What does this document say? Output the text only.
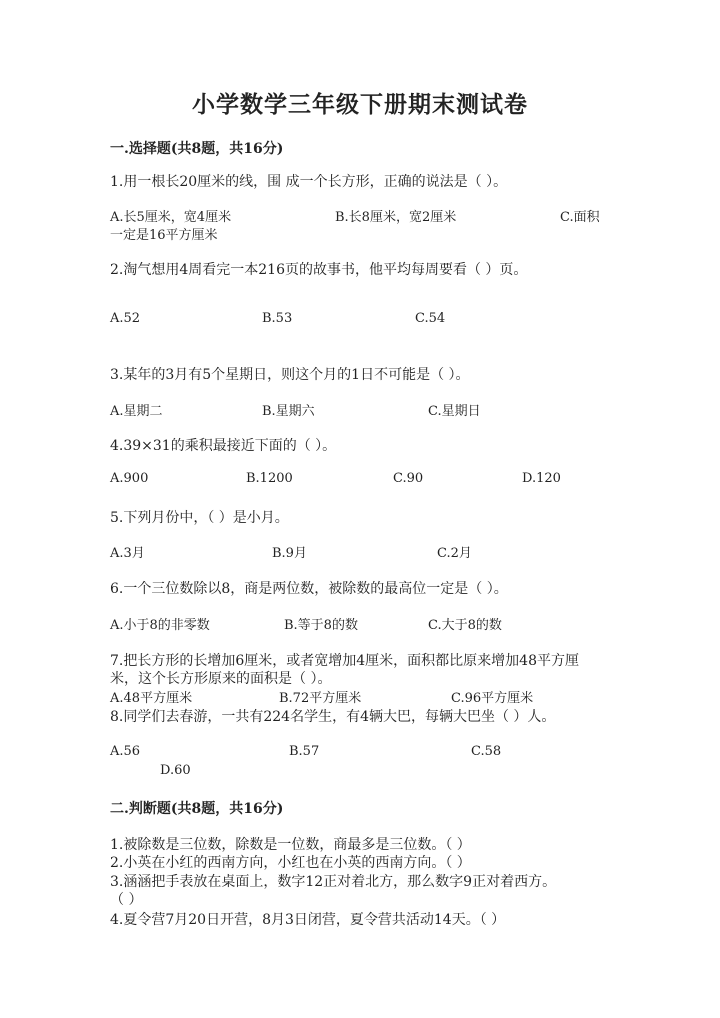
小学数学三年级下册期末测试卷
一.选择题(共8题，共16分)
1.用一根长20厘米的线，围 成一个长方形，正确的说法是（ ）。
A.长5厘米，宽4厘米	B.长8厘米，宽2厘米	C.面积
一定是16平方厘米
2.淘气想用4周看完一本216页的故事书，他平均每周要看（ ）页。
A.52	B.53	C.54
3.某年的3月有5个星期日，则这个月的1日不可能是（ ）。
A.星期二	B.星期六	C.星期日
4.39×31的乘积最接近下面的（ ）。
A.900	B.1200	C.90	D.120
5.下列月份中，（ ）是小月。
A.3月	B.9月	C.2月
6.一个三位数除以8，商是两位数，被除数的最高位一定是（ ）。
A.小于8的非零数	B.等于8的数	C.大于8的数
7.把长方形的长增加6厘米，或者宽增加4厘米，面积都比原来增加48平方厘
米，这个长方形原来的面积是（ ）。
A.48平方厘米	B.72平方厘米	C.96平方厘米
8.同学们去春游，一共有224名学生，有4辆大巴，每辆大巴坐（ ）人。
A.56	B.57	C.58
D.60
二.判断题(共8题，共16分)
1.被除数是三位数，除数是一位数，商最多是三位数。（ ）
2.小英在小红的西南方向，小红也在小英的西南方向。（ ）
3.涵涵把手表放在桌面上，数字12正对着北方，那么数字9正对着西方。
（ ）
4.夏令营7月20日开营，8月3日闭营，夏令营共活动14天。（ ）
